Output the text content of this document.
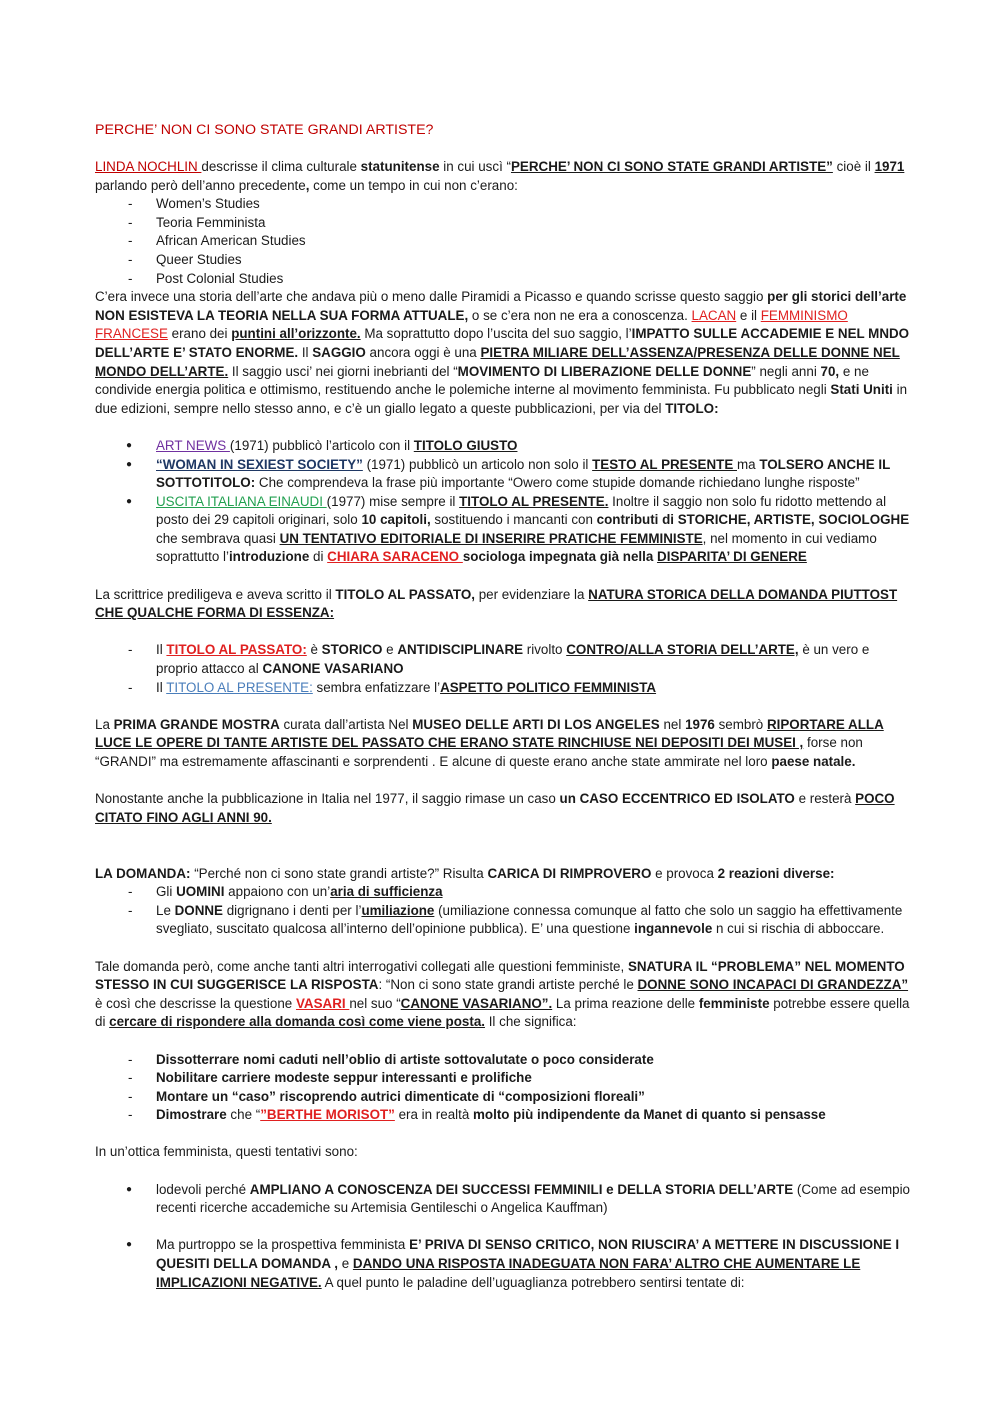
PERCHE’ NON CI SONO STATE GRANDI ARTISTE?

LINDA NOCHLIN descrisse il clima culturale statunitense in cui uscì “PERCHE’ NON CI SONO STATE GRANDI ARTISTE” cioè il 1971 parlando però dell’anno precedente, come un tempo in cui non c’erano:

- Women’s Studies
- Teoria Femminista
- African American Studies
- Queer Studies
- Post Colonial Studies

C’era invece una storia dell’arte che andava più o meno dalle Piramidi a Picasso e quando scrisse questo saggio per gli storici dell’arte NON ESISTEVA LA TEORIA NELLA SUA FORMA ATTUALE, o se c’era non ne era a conoscenza. LACAN e il FEMMINISMO FRANCESE erano dei puntini all’orizzonte. Ma soprattutto dopo l’uscita del suo saggio, l’IMPATTO SULLE ACCADEMIE E NEL MNDO DELL’ARTE E’ STATO ENORME. Il SAGGIO ancora oggi è una PIETRA MILIARE DELL’ASSENZA/PRESENZA DELLE DONNE NEL MONDO DELL’ARTE. Il saggio usci’ nei giorni inebrianti del “MOVIMENTO DI LIBERAZIONE DELLE DONNE” negli anni 70, e ne condivide energia politica e ottimismo, restituendo anche le polemiche interne al movimento femminista. Fu pubblicato negli Stati Uniti in due edizioni, sempre nello stesso anno, e c’è un giallo legato a queste pubblicazioni, per via del TITOLO:

● ART NEWS (1971) pubblicò l’articolo con il TITOLO GIUSTO
● “WOMAN IN SEXIEST SOCIETY” (1971) pubblicò un articolo non solo il TESTO AL PRESENTE ma TOLSERO ANCHE IL SOTTOTITOLO: Che comprendeva la frase più importante “Owero come stupide domande richiedano lunghe risposte”
● USCITA ITALIANA EINAUDI (1977) mise sempre il TITOLO AL PRESENTE. Inoltre il saggio non solo fu ridotto mettendo al posto dei 29 capitoli originari, solo 10 capitoli, sostituendo i mancanti con contributi di STORICHE, ARTISTE, SOCIOLOGHE che sembrava quasi UN TENTATIVO EDITORIALE DI INSERIRE PRATICHE FEMMINISTE, nel momento in cui vediamo soprattutto l’introduzione di CHIARA SARACENO sociologa impegnata già nella DISPARITA’ DI GENERE

La scrittrice prediligeva e aveva scritto il TITOLO AL PASSATO, per evidenziare la NATURA STORICA DELLA DOMANDA PIUTTOST CHE QUALCHE FORMA DI ESSENZA:

- Il TITOLO AL PASSATO: è STORICO e ANTIDISCIPLINARE rivolto CONTRO/ALLA STORIA DELL’ARTE, è un vero e proprio attacco al CANONE VASARIANO
- Il TITOLO AL PRESENTE: sembra enfatizzare l’ASPETTO POLITICO FEMMINISTA

La PRIMA GRANDE MOSTRA curata dall’artista Nel MUSEO DELLE ARTI DI LOS ANGELES nel 1976 sembrò RIPORTARE ALLA LUCE LE OPERE DI TANTE ARTISTE DEL PASSATO CHE ERANO STATE RINCHIUSE NEI DEPOSITI DEI MUSEI , forse non “GRANDI” ma estremamente affascinanti e sorprendenti . E alcune di queste erano anche state ammirate nel loro paese natale.

Nonostante anche la pubblicazione in Italia nel 1977, il saggio rimase un caso un CASO ECCENTRICO ED ISOLATO e resterà POCO CITATO FINO AGLI ANNI 90.

LA DOMANDA: “Perché non ci sono state grandi artiste?” Risulta CARICA DI RIMPROVERO e provoca 2 reazioni diverse:

- Gli UOMINI appaiono con un’aria di sufficienza
- Le DONNE digrignano i denti per l’umiliazione (umiliazione connessa comunque al fatto che solo un saggio ha effettivamente svegliato, suscitato qualcosa all’interno dell’opinione pubblica). E’ una questione ingannevole n cui si rischia di abboccare.

Tale domanda però, come anche tanti altri interrogativi collegati alle questioni femministe, SNATURA IL “PROBLEMA” NEL MOMENTO STESSO IN CUI SUGGERISCE LA RISPOSTA: “Non ci sono state grandi artiste perché le DONNE SONO INCAPACI DI GRANDEZZA” è così che descrisse la questione VASARI nel suo “CANONE VASARIANO”. La prima reazione delle femministe potrebbe essere quella di cercare di rispondere alla domanda così come viene posta. Il che significa:

- Dissotterrare nomi caduti nell’oblio di artiste sottovalutate o poco considerate
- Nobilitare carriere modeste seppur interessanti e prolifiche
- Montare un “caso” riscoprendo autrici dimenticate di “composizioni floreali”
- Dimostrare che “”BERTHE MORISOT” era in realtà molto più indipendente da Manet di quanto si pensasse

In un’ottica femminista, questi tentativi sono:

● lodevoli perché AMPLIANO A CONOSCENZA DEI SUCCESSI FEMMINILI e DELLA STORIA DELL’ARTE (Come ad esempio recenti ricerche accademiche su Artemisia Gentileschi o Angelica Kauffman)
● Ma purtroppo se la prospettiva femminista E’ PRIVA DI SENSO CRITICO, NON RIUSCIRA’ A METTERE IN DISCUSSIONE I QUESITI DELLA DOMANDA , e DANDO UNA RISPOSTA INADEGUATA NON FARA’ ALTRO CHE AUMENTARE LE IMPLICAZIONI NEGATIVE. A quel punto le paladine dell’uguaglianza potrebbero sentirsi tentate di:
